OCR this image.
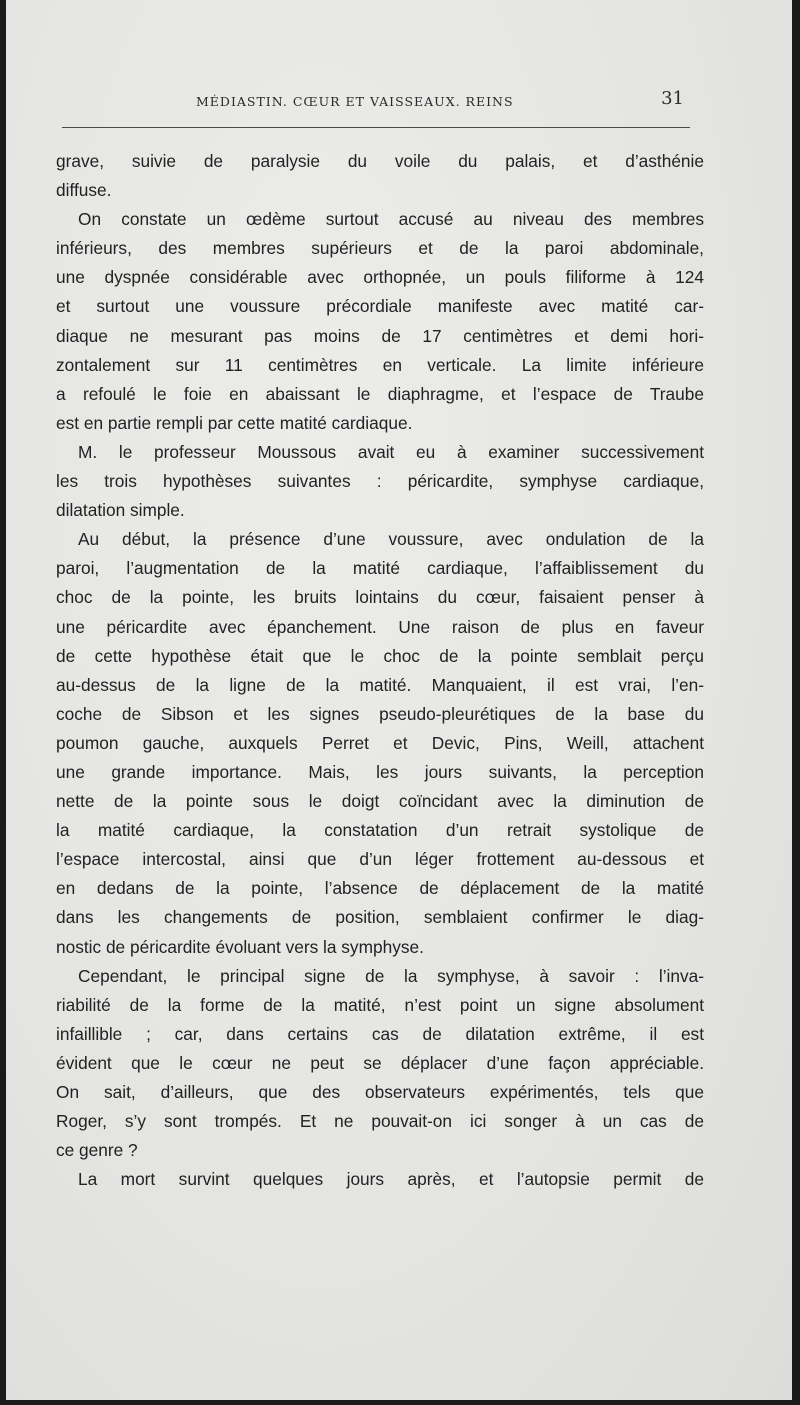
MÉDIASTIN. CŒUR ET VAISSEAUX. REINS	31
grave, suivie de paralysie du voile du palais, et d’asthénie
diffuse.
On constate un œdème surtout accusé au niveau des membres
inférieurs, des membres supérieurs et de la paroi abdominale,
une dyspnée considérable avec orthopnée, un pouls filiforme à 124
et surtout une voussure précordiale manifeste avec matité car-
diaque ne mesurant pas moins de 17 centimètres et demi hori-
zontalement sur 11 centimètres en verticale. La limite inférieure
a refoulé le foie en abaissant le diaphragme, et l’espace de Traube
est en partie rempli par cette matité cardiaque.
M. le professeur Moussous avait eu à examiner successivement
les trois hypothèses suivantes : péricardite, symphyse cardiaque,
dilatation simple.
Au début, la présence d’une voussure, avec ondulation de la
paroi, l’augmentation de la matité cardiaque, l’affaiblissement du
choc de la pointe, les bruits lointains du cœur, faisaient penser à
une péricardite avec épanchement. Une raison de plus en faveur
de cette hypothèse était que le choc de la pointe semblait perçu
au-dessus de la ligne de la matité. Manquaient, il est vrai, l’en-
coche de Sibson et les signes pseudo-pleurétiques de la base du
poumon gauche, auxquels Perret et Devic, Pins, Weill, attachent
une grande importance. Mais, les jours suivants, la perception
nette de la pointe sous le doigt coïncidant avec la diminution de
la matité cardiaque, la constatation d’un retrait systolique de
l’espace intercostal, ainsi que d’un léger frottement au-dessous et
en dedans de la pointe, l’absence de déplacement de la matité
dans les changements de position, semblaient confirmer le diag-
nostic de péricardite évoluant vers la symphyse.
Cependant, le principal signe de la symphyse, à savoir : l’inva-
riabilité de la forme de la matité, n’est point un signe absolument
infaillible ; car, dans certains cas de dilatation extrême, il est
évident que le cœur ne peut se déplacer d’une façon appréciable.
On sait, d’ailleurs, que des observateurs expérimentés, tels que
Roger, s’y sont trompés. Et ne pouvait-on ici songer à un cas de
ce genre ?
La mort survint quelques jours après, et l’autopsie permit de
